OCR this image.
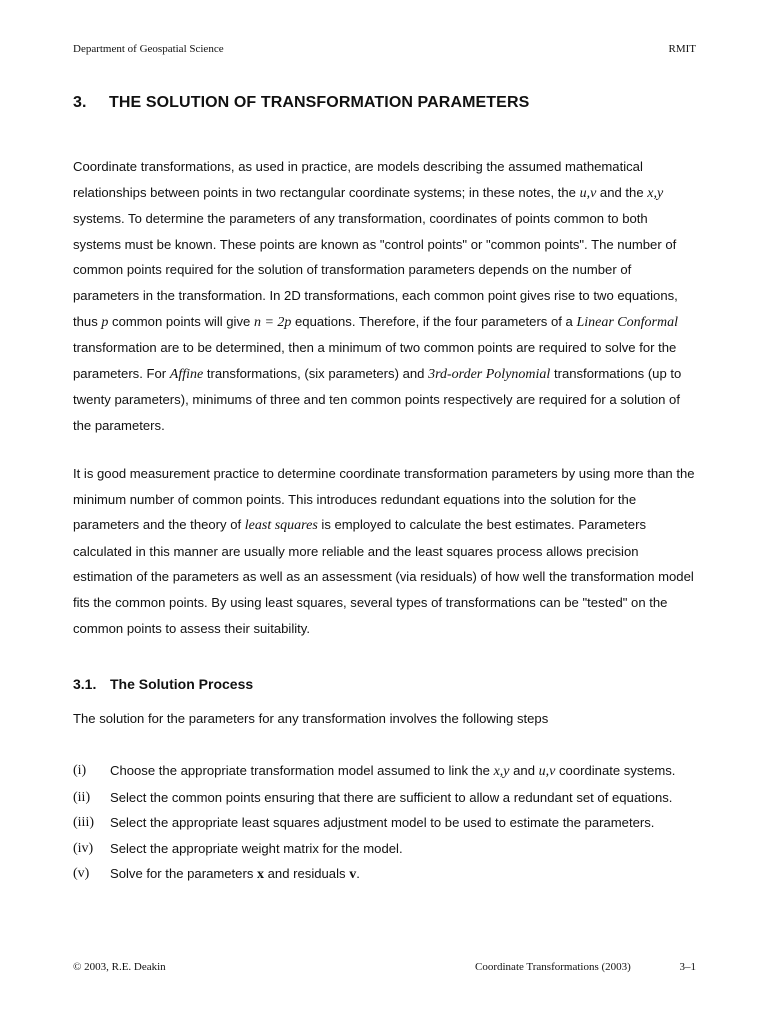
Department of Geospatial Science	RMIT
3. THE SOLUTION OF TRANSFORMATION PARAMETERS

Coordinate transformations, as used in practice, are models describing the assumed mathematical relationships between points in two rectangular coordinate systems; in these notes, the u,v and the x,y systems. To determine the parameters of any transformation, coordinates of points common to both systems must be known. These points are known as "control points" or "common points". The number of common points required for the solution of transformation parameters depends on the number of parameters in the transformation. In 2D transformations, each common point gives rise to two equations, thus p common points will give n = 2p equations. Therefore, if the four parameters of a Linear Conformal transformation are to be determined, then a minimum of two common points are required to solve for the parameters. For Affine transformations, (six parameters) and 3rd-order Polynomial transformations (up to twenty parameters), minimums of three and ten common points respectively are required for a solution of the parameters.

It is good measurement practice to determine coordinate transformation parameters by using more than the minimum number of common points. This introduces redundant equations into the solution for the parameters and the theory of least squares is employed to calculate the best estimates. Parameters calculated in this manner are usually more reliable and the least squares process allows precision estimation of the parameters as well as an assessment (via residuals) of how well the transformation model fits the common points. By using least squares, several types of transformations can be "tested" on the common points to assess their suitability.

3.1. The Solution Process

The solution for the parameters for any transformation involves the following steps

(i) Choose the appropriate transformation model assumed to link the x,y and u,v coordinate systems.
(ii) Select the common points ensuring that there are sufficient to allow a redundant set of equations.
(iii) Select the appropriate least squares adjustment model to be used to estimate the parameters.
(iv) Select the appropriate weight matrix for the model.
(v) Solve for the parameters x and residuals v.
© 2003, R.E. Deakin	Coordinate Transformations (2003)	3–1
